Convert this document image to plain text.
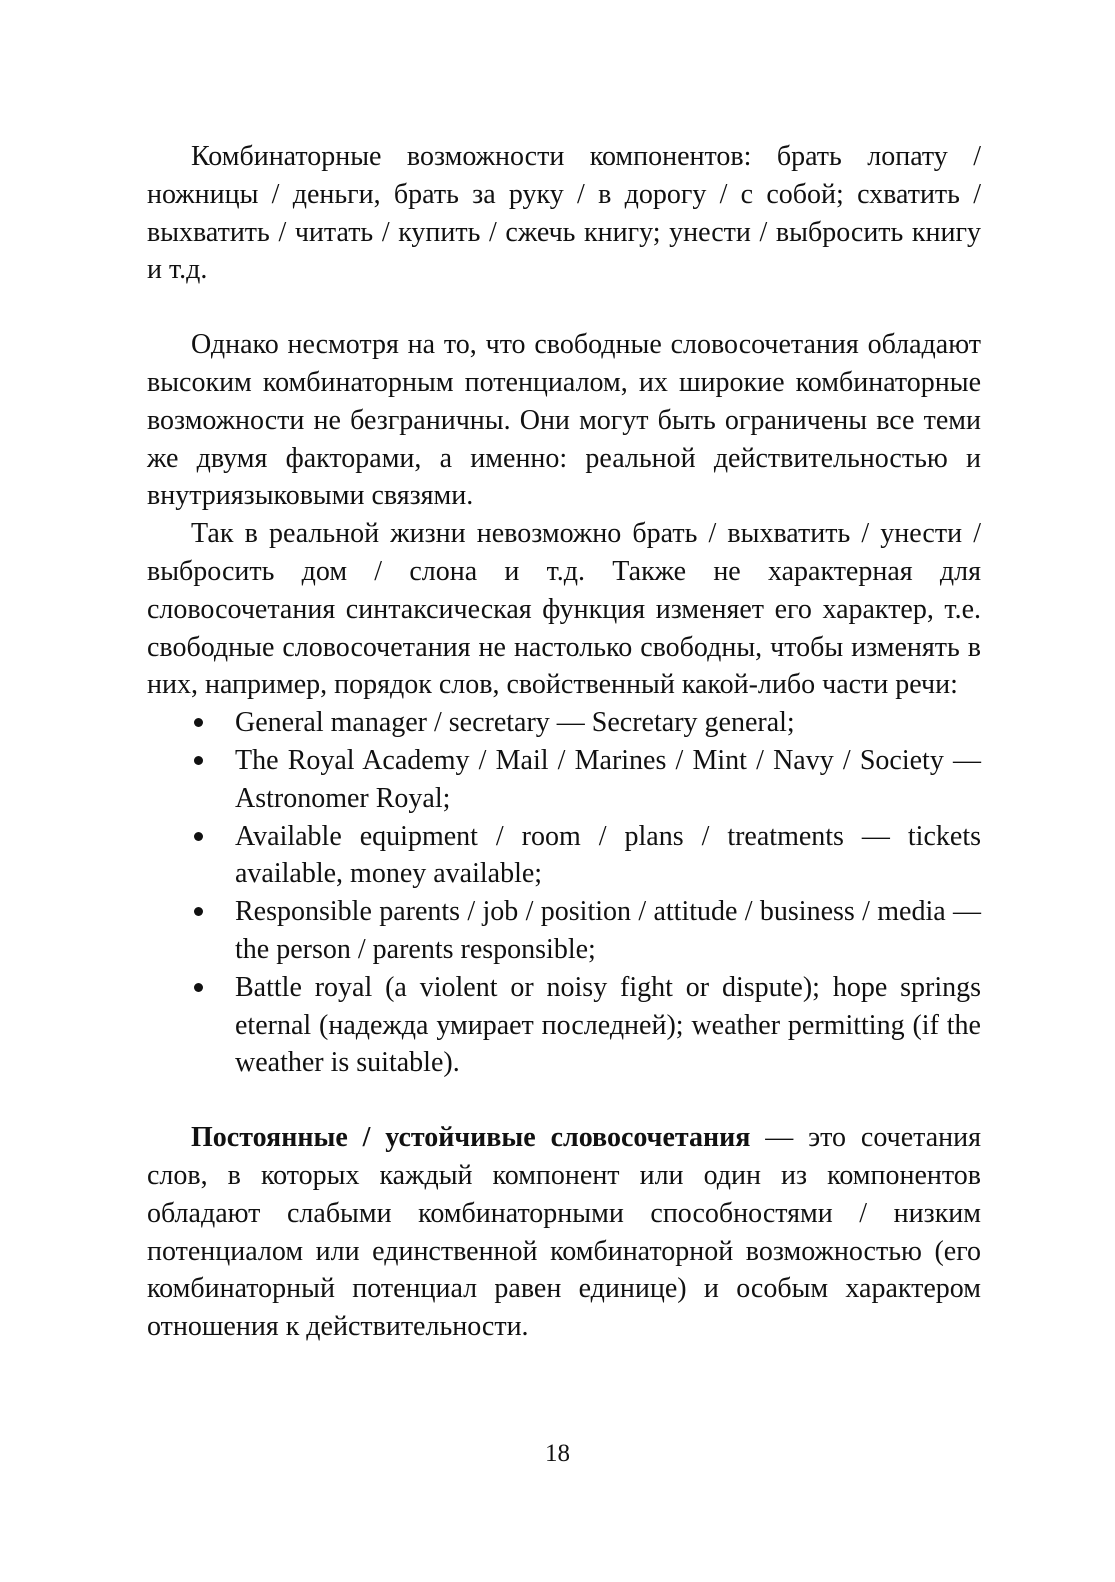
Комбинаторные возможности компонентов: брать лопату / ножницы / деньги, брать за руку / в дорогу / с собой; схватить / выхватить / читать / купить / сжечь книгу; унести / выбросить книгу и т.д.

Однако несмотря на то, что свободные словосочетания обладают высоким комбинаторным потенциалом, их широкие комбинаторные возможности не безграничны. Они могут быть ограничены все теми же двумя факторами, а именно: реальной действительностью и внутриязыковыми связями.

Так в реальной жизни невозможно брать / выхватить / унести / выбросить дом / слона и т.д. Также не характерная для словосочетания синтаксическая функция изменяет его характер, т.е. свободные словосочетания не настолько свободны, чтобы изменять в них, например, порядок слов, свойственный какой-либо части речи:

General manager / secretary — Secretary general;
The Royal Academy / Mail / Marines / Mint / Navy / Society — Astronomer Royal;
Available equipment / room / plans / treatments — tickets available, money available;
Responsible parents / job / position / attitude / business / media — the person / parents responsible;
Battle royal (a violent or noisy fight or dispute); hope springs eternal (надежда умирает последней); weather permitting (if the weather is suitable).

Постоянные / устойчивые словосочетания — это сочетания слов, в которых каждый компонент или один из компонентов обладают слабыми комбинаторными способностями / низким потенциалом или единственной комбинаторной возможностью (его комбинаторный потенциал равен единице) и особым характером отношения к действительности.

18
